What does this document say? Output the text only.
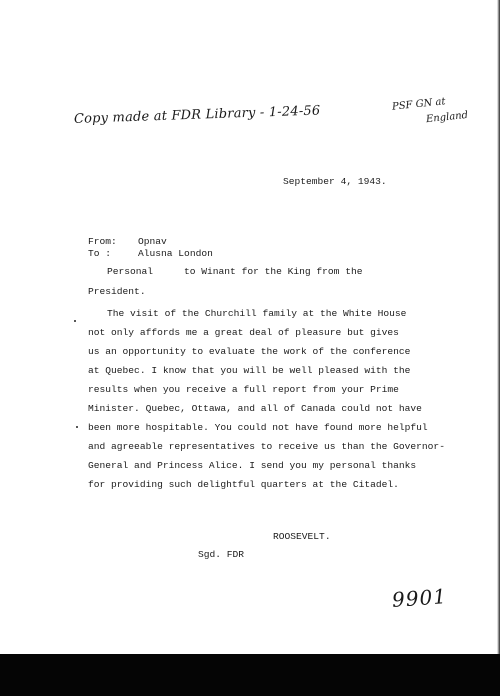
Copy made at FDR Library - 1-24-56	PSF GN at
England
September 4, 1943.
From: Opnav
To :	Alusna London
Personal	to Winant for the King from the
President.
The visit of the Churchill family at the White House
not only affords me a great deal of pleasure but gives
us an opportunity to evaluate the work of the conference
at Quebec. I know that you will be well pleased with the
results when you receive a full report from your Prime
Minister. Quebec, Ottawa, and all of Canada could not have
been more hospitable. You could not have found more helpful
and agreeable representatives to receive us than the Governor-
General and Princess Alice. I send you my personal thanks
for providing such delightful quarters at the Citadel.
ROOSEVELT.
Sgd. FDR
9901
